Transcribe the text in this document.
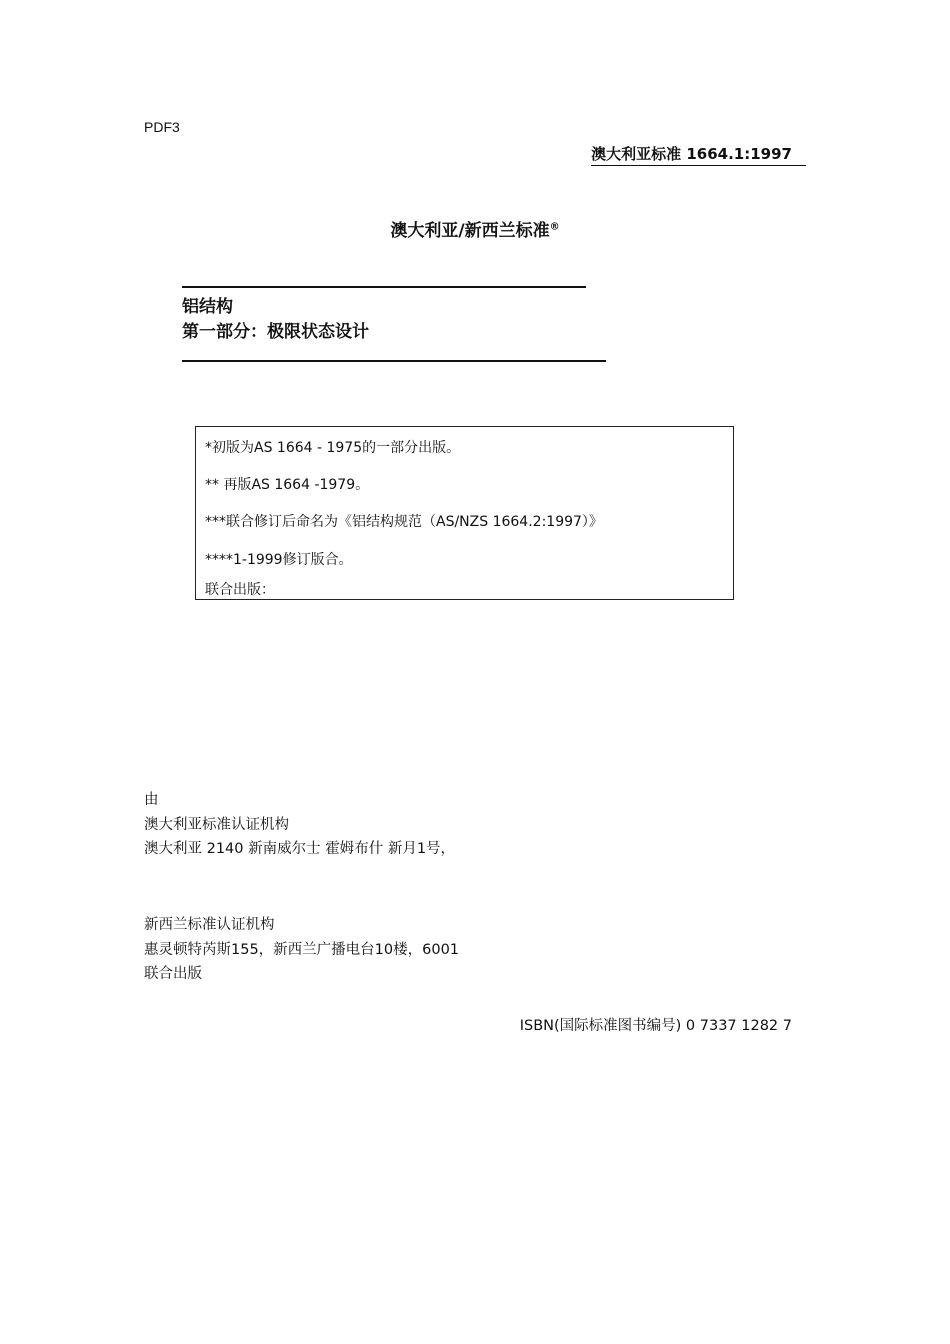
PDF3
澳大利亚标准 1664.1:1997
澳大利亚/新西兰标准®
铝结构
第一部分：极限状态设计
*初版为AS 1664 - 1975的一部分出版。
** 再版AS 1664 -1979。
***联合修订后命名为《铝结构规范（AS/NZS 1664.2:1997）》
****1-1999修订版合。
联合出版：
由
澳大利亚标准认证机构
澳大利亚 2140 新南威尔士 霍姆布什 新月1号，
新西兰标准认证机构
惠灵顿特芮斯155，新西兰广播电台10楼，6001
联合出版
ISBN(国际标准图书编号) 0 7337 1282 7
